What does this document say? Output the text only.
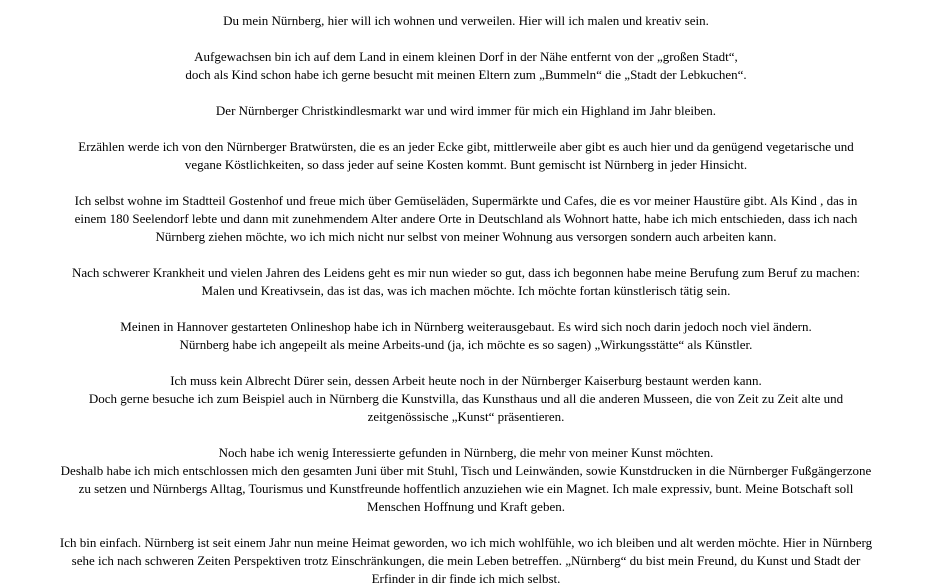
Du mein Nürnberg, hier will ich wohnen und verweilen. Hier will ich malen und kreativ sein.

Aufgewachsen bin ich auf dem Land in einem kleinen Dorf in der Nähe entfernt von der „großen Stadt“,
doch als Kind schon habe ich gerne besucht mit meinen Eltern zum „Bummeln“ die „Stadt der Lebkuchen“.

Der Nürnberger Christkindlesmarkt war und wird immer für mich ein Highland im Jahr bleiben.

Erzählen werde ich von den Nürnberger Bratwürsten, die es an jeder Ecke gibt, mittlerweile aber gibt es auch hier und da genügend vegetarische und
vegane Köstlichkeiten, so dass jeder auf seine Kosten kommt. Bunt gemischt ist Nürnberg in jeder Hinsicht.

Ich selbst wohne im Stadtteil Gostenhof und freue mich über Gemüseläden, Supermärkte und Cafes, die es vor meiner Haustüre gibt. Als Kind , das in
einem 180 Seelendorf lebte und dann mit zunehmendem Alter andere Orte in Deutschland als Wohnort hatte, habe ich mich entschieden, dass ich nach
Nürnberg ziehen möchte, wo ich mich nicht nur selbst von meiner Wohnung aus versorgen sondern auch arbeiten kann.

Nach schwerer Krankheit und vielen Jahren des Leidens geht es mir nun wieder so gut, dass ich begonnen habe meine Berufung zum Beruf zu machen:
Malen und Kreativsein, das ist das, was ich machen möchte. Ich möchte fortan künstlerisch tätig sein.

Meinen in Hannover gestarteten Onlineshop habe ich in Nürnberg weiterausgebaut. Es wird sich noch darin jedoch noch viel ändern.
Nürnberg habe ich angepeilt als meine Arbeits-und (ja, ich möchte es so sagen) „Wirkungsstätte“ als Künstler.

Ich muss kein Albrecht Dürer sein, dessen Arbeit heute noch in der Nürnberger Kaiserburg bestaunt werden kann.
Doch gerne besuche ich zum Beispiel auch in Nürnberg die Kunstvilla, das Kunsthaus und all die anderen Musseen, die von Zeit zu Zeit alte und
zeitgenössische „Kunst“ präsentieren.

Noch habe ich wenig Interessierte gefunden in Nürnberg, die mehr von meiner Kunst möchten.
Deshalb habe ich mich entschlossen mich den gesamten Juni über mit Stuhl, Tisch und Leinwänden, sowie Kunstdrucken in die Nürnberger Fußgängerzone
zu setzen und Nürnbergs Alltag, Tourismus und Kunstfreunde hoffentlich anzuziehen wie ein Magnet. Ich male expressiv, bunt. Meine Botschaft soll
Menschen Hoffnung und Kraft geben.

Ich bin einfach. Nürnberg ist seit einem Jahr nun meine Heimat geworden, wo ich mich wohlfühle, wo ich bleiben und alt werden möchte. Hier in Nürnberg
sehe ich nach schweren Zeiten Perspektiven trotz Einschränkungen, die mein Leben betreffen. „Nürnberg“ du bist mein Freund, du Kunst und Stadt der
Erfinder in dir finde ich mich selbst.
